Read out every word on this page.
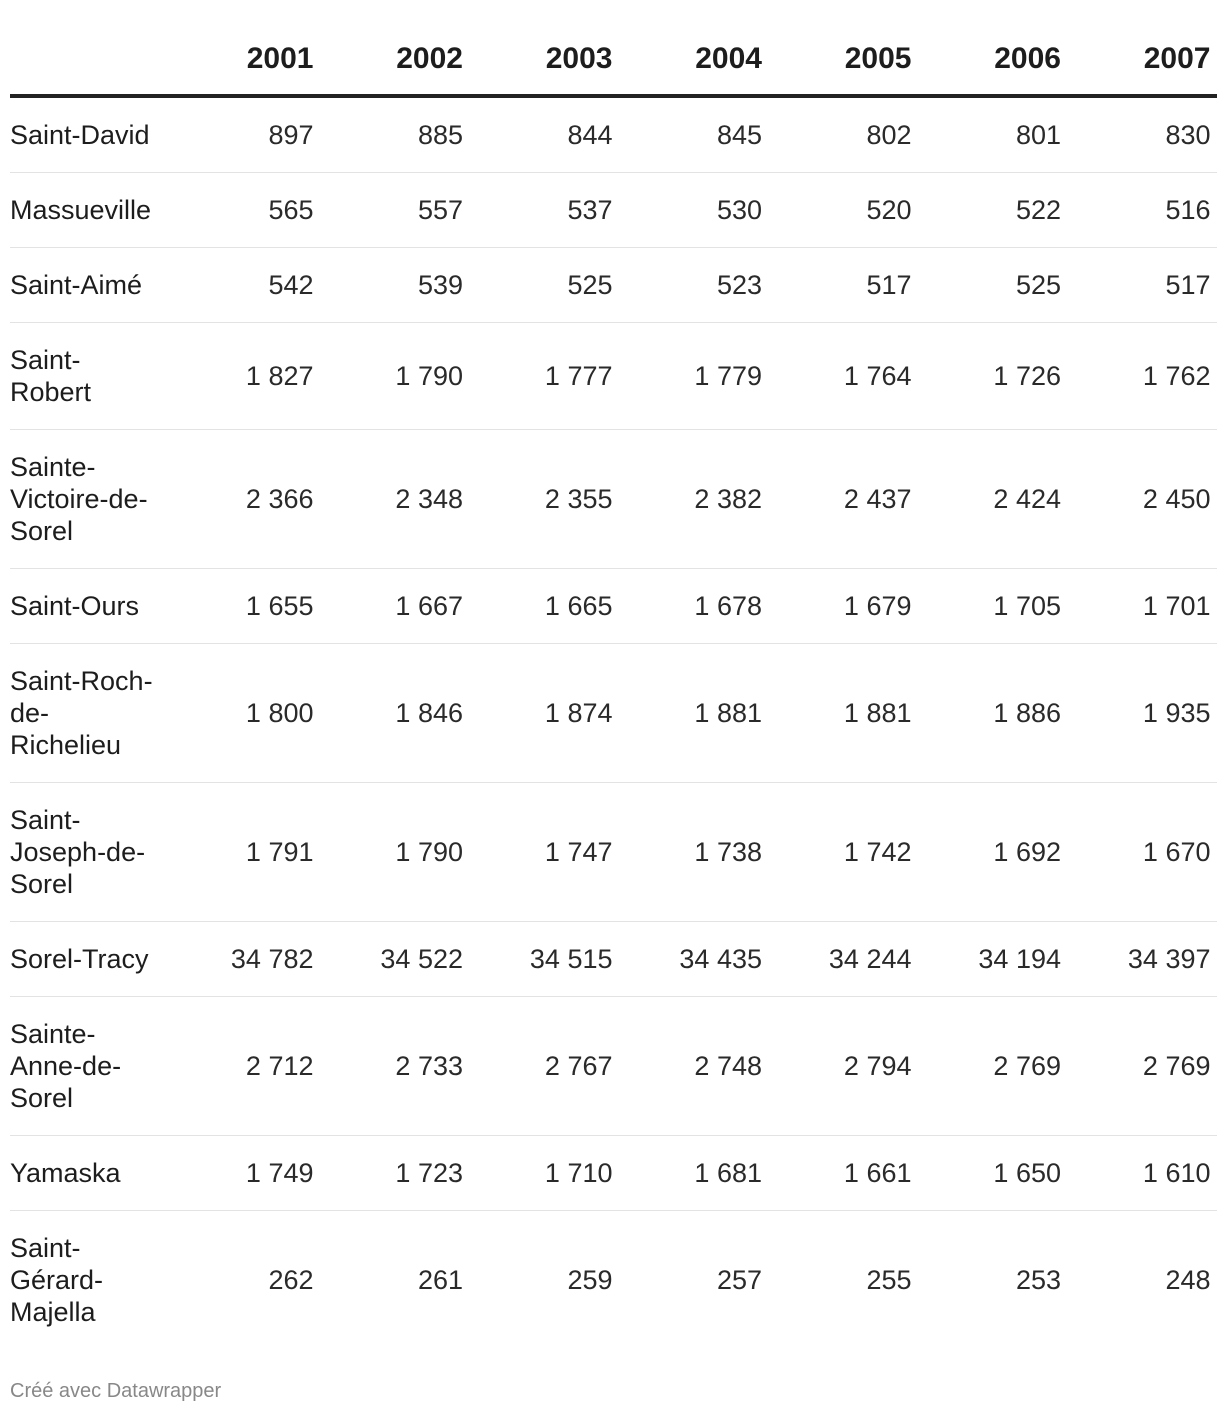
	2001	2002	2003	2004	2005	2006	2007
Saint-David	897	885	844	845	802	801	830
Massueville	565	557	537	530	520	522	516
Saint-Aimé	542	539	525	523	517	525	517
Saint-Robert	1 827	1 790	1 777	1 779	1 764	1 726	1 762
Sainte-Victoire-de-Sorel	2 366	2 348	2 355	2 382	2 437	2 424	2 450
Saint-Ours	1 655	1 667	1 665	1 678	1 679	1 705	1 701
Saint-Roch-de-Richelieu	1 800	1 846	1 874	1 881	1 881	1 886	1 935
Saint-Joseph-de-Sorel	1 791	1 790	1 747	1 738	1 742	1 692	1 670
Sorel-Tracy	34 782	34 522	34 515	34 435	34 244	34 194	34 397
Sainte-Anne-de-Sorel	2 712	2 733	2 767	2 748	2 794	2 769	2 769
Yamaska	1 749	1 723	1 710	1 681	1 661	1 650	1 610
Saint-Gérard-Majella	262	261	259	257	255	253	248
Créé avec Datawrapper
